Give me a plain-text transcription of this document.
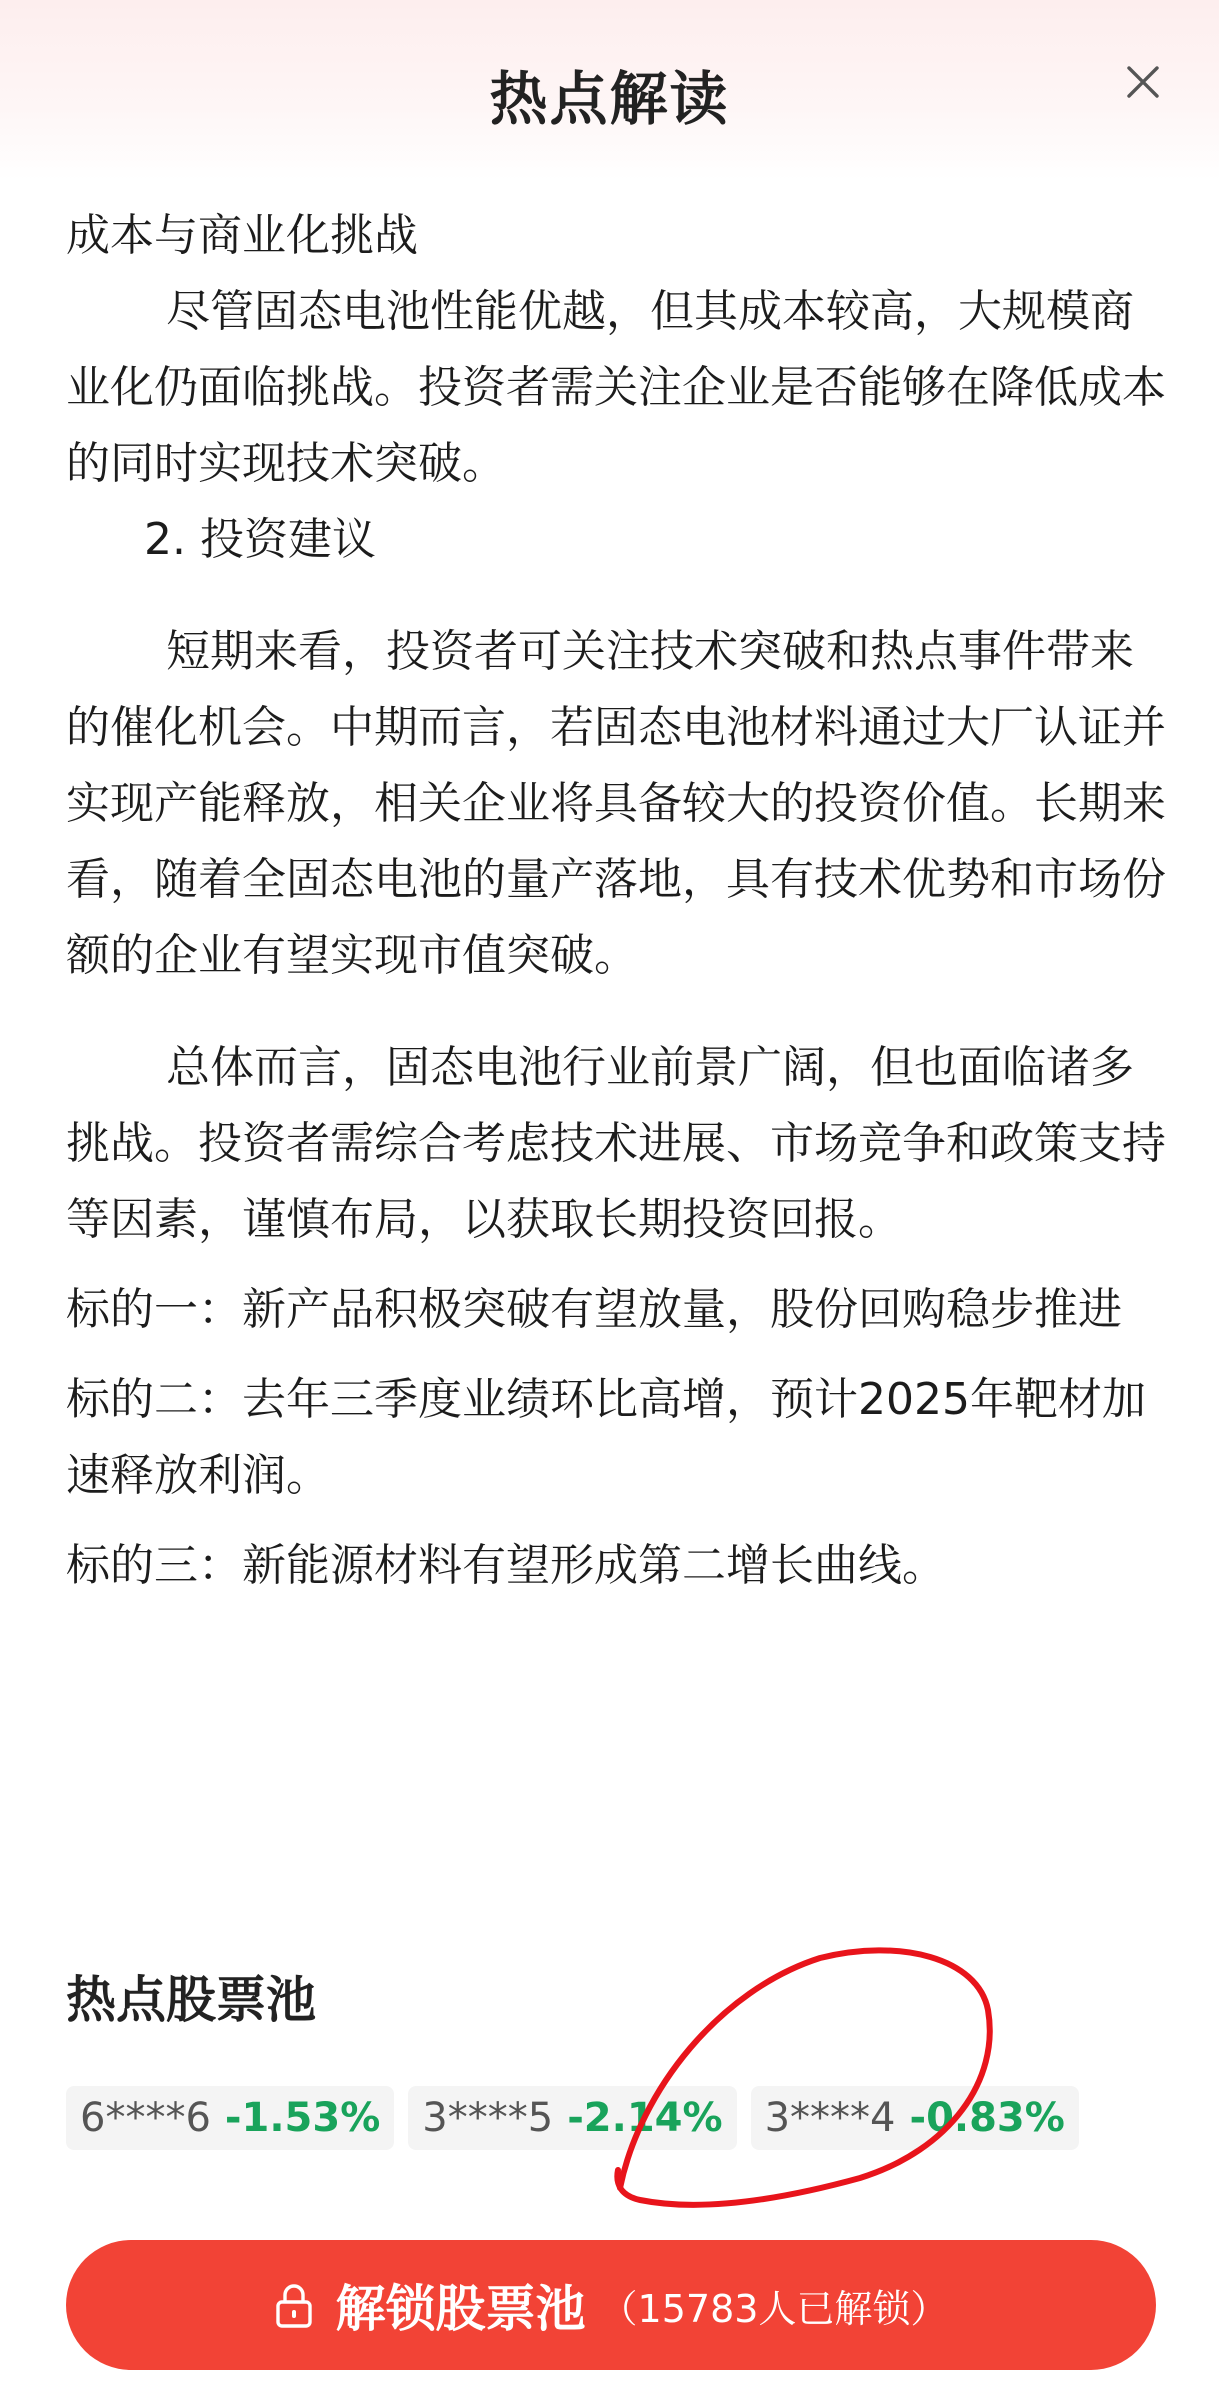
热点解读

成本与商业化挑战

尽管固态电池性能优越，但其成本较高，大规模商业化仍面临挑战。投资者需关注企业是否能够在降低成本的同时实现技术突破。

2. 投资建议

短期来看，投资者可关注技术突破和热点事件带来的催化机会。中期而言，若固态电池材料通过大厂认证并实现产能释放，相关企业将具备较大的投资价值。长期来看，随着全固态电池的量产落地，具有技术优势和市场份额的企业有望实现市值突破。

总体而言，固态电池行业前景广阔，但也面临诸多挑战。投资者需综合考虑技术进展、市场竞争和政策支持等因素，谨慎布局，以获取长期投资回报。

标的一：新产品积极突破有望放量，股份回购稳步推进

标的二：去年三季度业绩环比高增，预计2025年靶材加速释放利润。

标的三：新能源材料有望形成第二增长曲线。

热点股票池
6****6 -1.53% 3****5 -2.14% 3****4 -0.83%
解锁股票池 （15783人已解锁）
